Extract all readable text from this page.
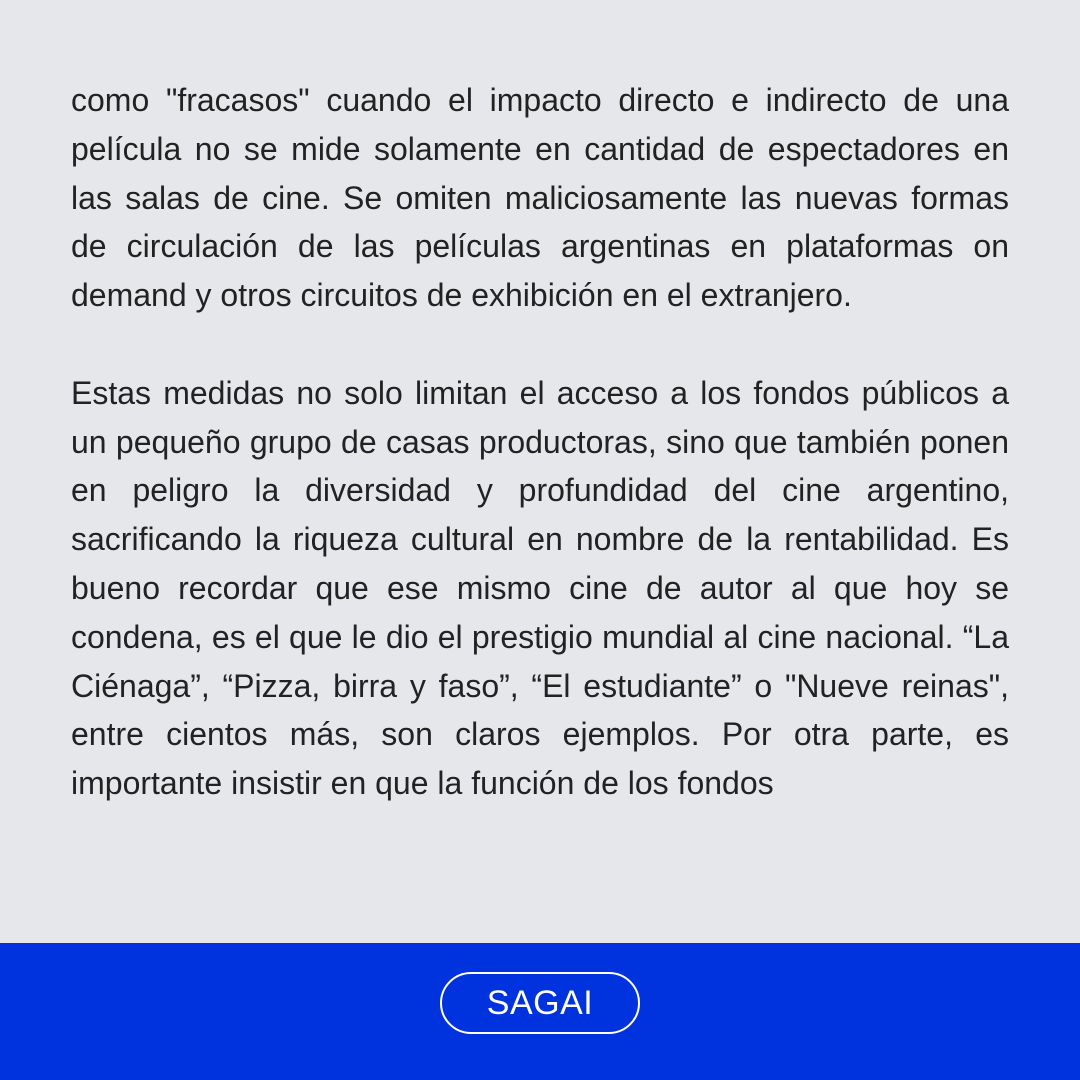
como "fracasos" cuando el impacto directo e indirecto de una película no se mide solamente en cantidad de espectadores en las salas de cine. Se omiten maliciosamente las nuevas formas de circulación de las películas argentinas en plataformas on demand y otros circuitos de exhibición en el extranjero.

Estas medidas no solo limitan el acceso a los fondos públicos a un pequeño grupo de casas productoras, sino que también ponen en peligro la diversidad y profundidad del cine argentino, sacrificando la riqueza cultural en nombre de la rentabilidad. Es bueno recordar que ese mismo cine de autor al que hoy se condena, es el que le dio el prestigio mundial al cine nacional. “La Ciénaga”, “Pizza, birra y faso”, “El estudiante” o "Nueve reinas", entre cientos más, son claros ejemplos. Por otra parte, es importante insistir en que la función de los fondos

SAGAI
